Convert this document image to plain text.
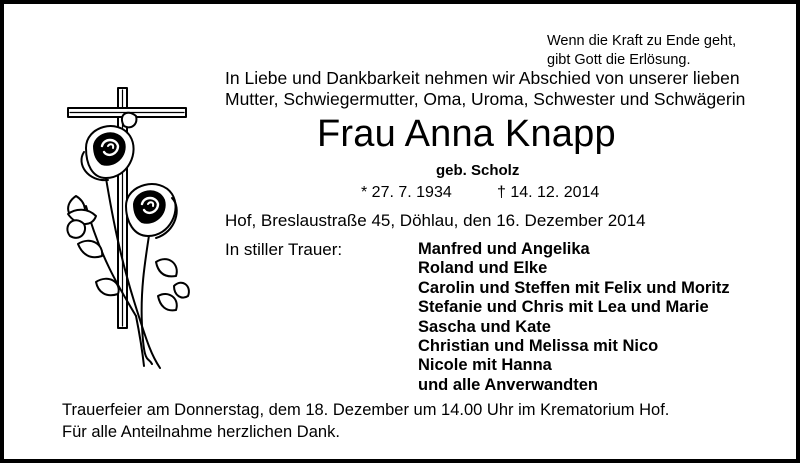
Wenn die Kraft zu Ende geht,
gibt Gott die Erlösung.
In Liebe und Dankbarkeit nehmen wir Abschied von unserer lieben
Mutter, Schwiegermutter, Oma, Uroma, Schwester und Schwägerin
Frau Anna Knapp
geb. Scholz
* 27. 7. 1934	† 14. 12. 2014
Hof, Breslaustraße 45, Döhlau, den 16. Dezember 2014
In stiller Trauer:	Manfred und Angelika
Roland und Elke
Carolin und Steffen mit Felix und Moritz
Stefanie und Chris mit Lea und Marie
Sascha und Kate
Christian und Melissa mit Nico
Nicole mit Hanna
und alle Anverwandten
Trauerfeier am Donnerstag, dem 18. Dezember um 14.00 Uhr im Krematorium Hof.
Für alle Anteilnahme herzlichen Dank.
